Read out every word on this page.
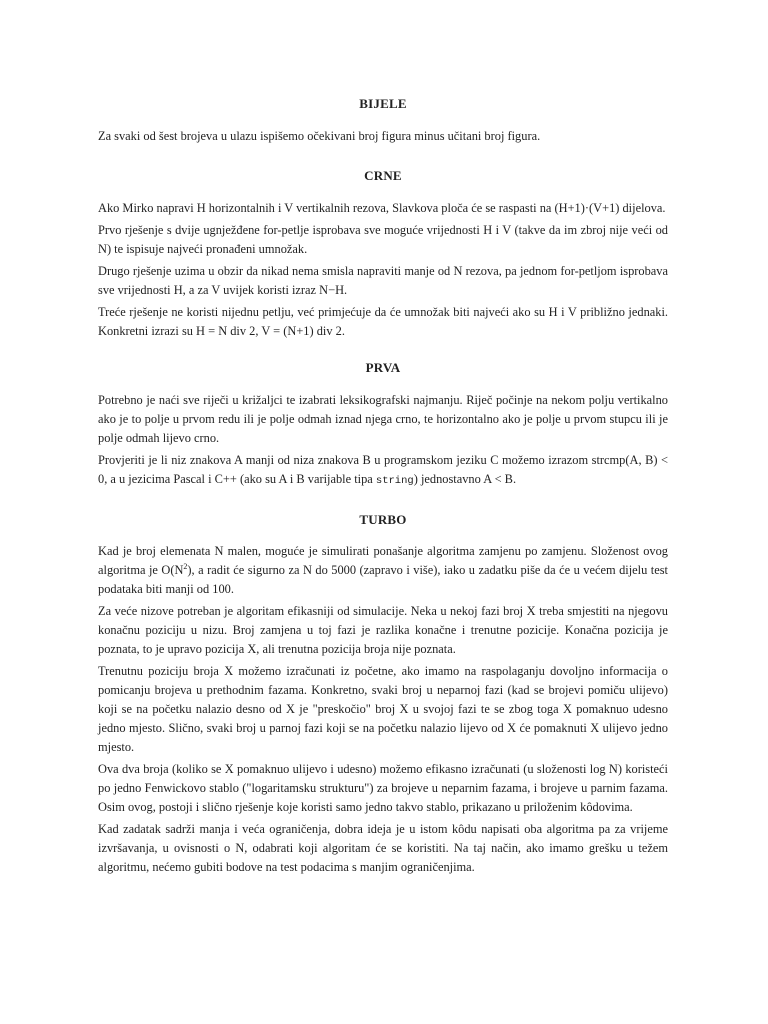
BIJELE

Za svaki od šest brojeva u ulazu ispišemo očekivani broj figura minus učitani broj figura.

CRNE

Ako Mirko napravi H horizontalnih i V vertikalnih rezova, Slavkova ploča će se raspasti na (H+1)·(V+1) dijelova.

Prvo rješenje s dvije ugnježđene for-petlje isprobava sve moguće vrijednosti H i V (takve da im zbroj nije veći od N) te ispisuje najveći pronađeni umnožak.

Drugo rješenje uzima u obzir da nikad nema smisla napraviti manje od N rezova, pa jednom for-petljom isprobava sve vrijednosti H, a za V uvijek koristi izraz N−H.

Treće rješenje ne koristi nijednu petlju, već primjećuje da će umnožak biti najveći ako su H i V približno jednaki. Konkretni izrazi su H = N div 2, V = (N+1) div 2.

PRVA

Potrebno je naći sve riječi u križaljci te izabrati leksikografski najmanju. Riječ počinje na nekom polju vertikalno ako je to polje u prvom redu ili je polje odmah iznad njega crno, te horizontalno ako je polje u prvom stupcu ili je polje odmah lijevo crno.

Provjeriti je li niz znakova A manji od niza znakova B u programskom jeziku C možemo izrazom strcmp(A, B) < 0, a u jezicima Pascal i C++ (ako su A i B varijable tipa string) jednostavno A < B.

TURBO

Kad je broj elemenata N malen, moguće je simulirati ponašanje algoritma zamjenu po zamjenu. Složenost ovog algoritma je $O(N^2)$, a radit će sigurno za N do 5000 (zapravo i više), iako u zadatku piše da će u većem dijelu test podataka biti manji od 100.

Za veće nizove potreban je algoritam efikasniji od simulacije. Neka u nekoj fazi broj X treba smjestiti na njegovu konačnu poziciju u nizu. Broj zamjena u toj fazi je razlika konačne i trenutne pozicije. Konačna pozicija je poznata, to je upravo pozicija X, ali trenutna pozicija broja nije poznata.

Trenutnu poziciju broja X možemo izračunati iz početne, ako imamo na raspolaganju dovoljno informacija o pomicanju brojeva u prethodnim fazama. Konkretno, svaki broj u neparnoj fazi (kad se brojevi pomiču ulijevo) koji se na početku nalazio desno od X je "preskočio" broj X u svojoj fazi te se zbog toga X pomaknuo udesno jedno mjesto. Slično, svaki broj u parnoj fazi koji se na početku nalazio lijevo od X će pomaknuti X ulijevo jedno mjesto.

Ova dva broja (koliko se X pomaknuo ulijevo i udesno) možemo efikasno izračunati (u složenosti log N) koristeći po jedno Fenwickovo stablo ("logaritamsku strukturu") za brojeve u neparnim fazama, i brojeve u parnim fazama. Osim ovog, postoji i slično rješenje koje koristi samo jedno takvo stablo, prikazano u priloženim kôdovima.

Kad zadatak sadrži manja i veća ograničenja, dobra ideja je u istom kôdu napisati oba algoritma pa za vrijeme izvršavanja, u ovisnosti o N, odabrati koji algoritam će se koristiti. Na taj način, ako imamo grešku u težem algoritmu, nećemo gubiti bodove na test podacima s manjim ograničenjima.
